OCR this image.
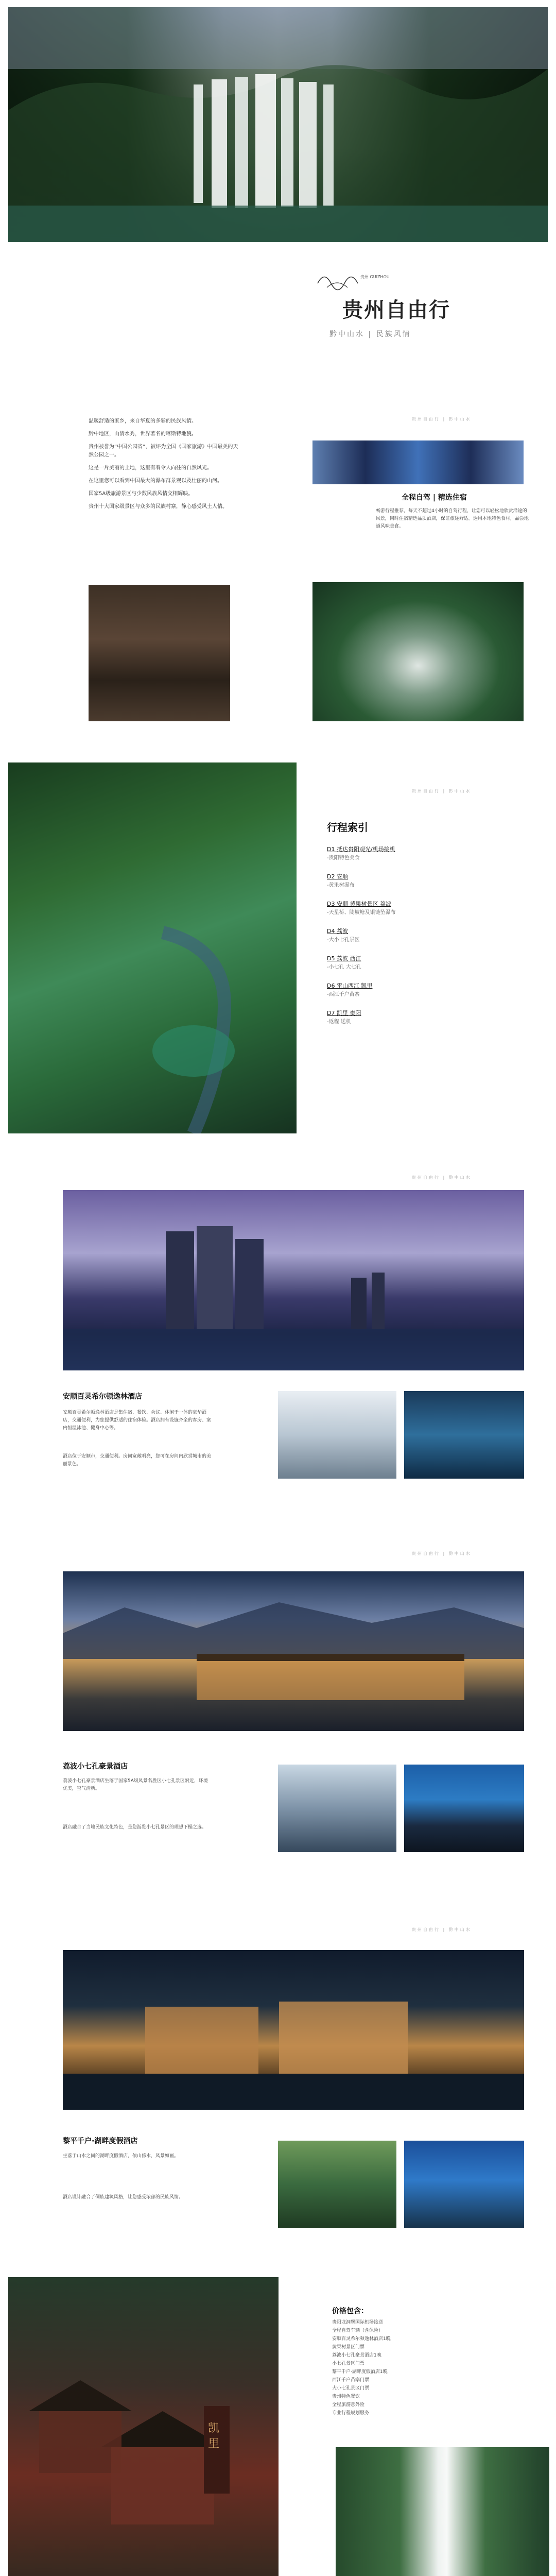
贵州 GUIZHOU
贵州自由行
黔中山水 | 民族风情
贵州自由行 | 黔中山水

温暖舒适的家乡，来自华夏的多彩的民族风情。

黔中地区，山清水秀，世界著名的喀斯特地貌。

贵州被誉为“中国公园省”，被评为全国《国家旅游》中国最美的天然公园之一。

这是一片美丽的土地，这里有着令人向往的自然风光。

在这里您可以看到中国最大的瀑布群景观以及壮丽的山河。

国家5A级旅游景区与少数民族风情交相辉映。

贵州十大国家级景区与众多的民族村寨，静心感受风土人情。

全程自驾 | 精选住宿
畅游行程推荐，每天不超过4小时的自驾行程，让您可以轻松地欣赏沿途的风景，同时住宿精选品质酒店，保证旅途舒适。选用本地特色食材，品尝地道风味美食。
贵州自由行 | 黔中山水
行程索引
D1 抵达贵阳观光/机场接机
-贵阳特色美食
D2 安顺
-黄果树瀑布
D3 安顺 黄果树景区 荔波
-天星桥、陡坡塘及银链坠瀑布
D4 荔波
-大小七孔景区
D5 荔波 西江
-小七孔 大七孔
D6 雷山西江 凯里
-西江千户苗寨
D7 凯里 贵阳
-返程 送机
贵州自由行 | 黔中山水
安顺百灵希尔顿逸林酒店
安顺百灵希尔顿逸林酒店是集住宿、餐饮、会议、休闲于一体的豪华酒店，交通便利，为您提供舒适的住宿体验。酒店拥有设施齐全的客房、室内恒温泳池、健身中心等。
酒店位于安顺市，交通便利。房间宽敞明亮，您可在房间内欣赏城市的美丽景色。
贵州自由行 | 黔中山水
荔波小七孔豪景酒店
荔波小七孔豪景酒店坐落于国家5A级风景名胜区小七孔景区附近，环境优美，空气清新。
酒店融合了当地民族文化特色，是您游览小七孔景区的理想下榻之选。
贵州自由行 | 黔中山水
黎平千户·湖畔度假酒店
坐落于山水之间的湖畔度假酒店，依山傍水，风景如画。
酒店设计融合了侗族建筑风格，让您感受浓郁的民族风情。
凯
里
价格包含：
贵阳龙洞堡国际机场接送
全程自驾车辆（含保险）
安顺百灵希尔顿逸林酒店1晚
黄果树景区门票
荔波小七孔豪景酒店1晚
小七孔景区门票
黎平千户·湖畔度假酒店1晚
西江千户苗寨门票
大小七孔景区门票
贵州特色餐饮
全程旅游意外险
专业行程规划服务
